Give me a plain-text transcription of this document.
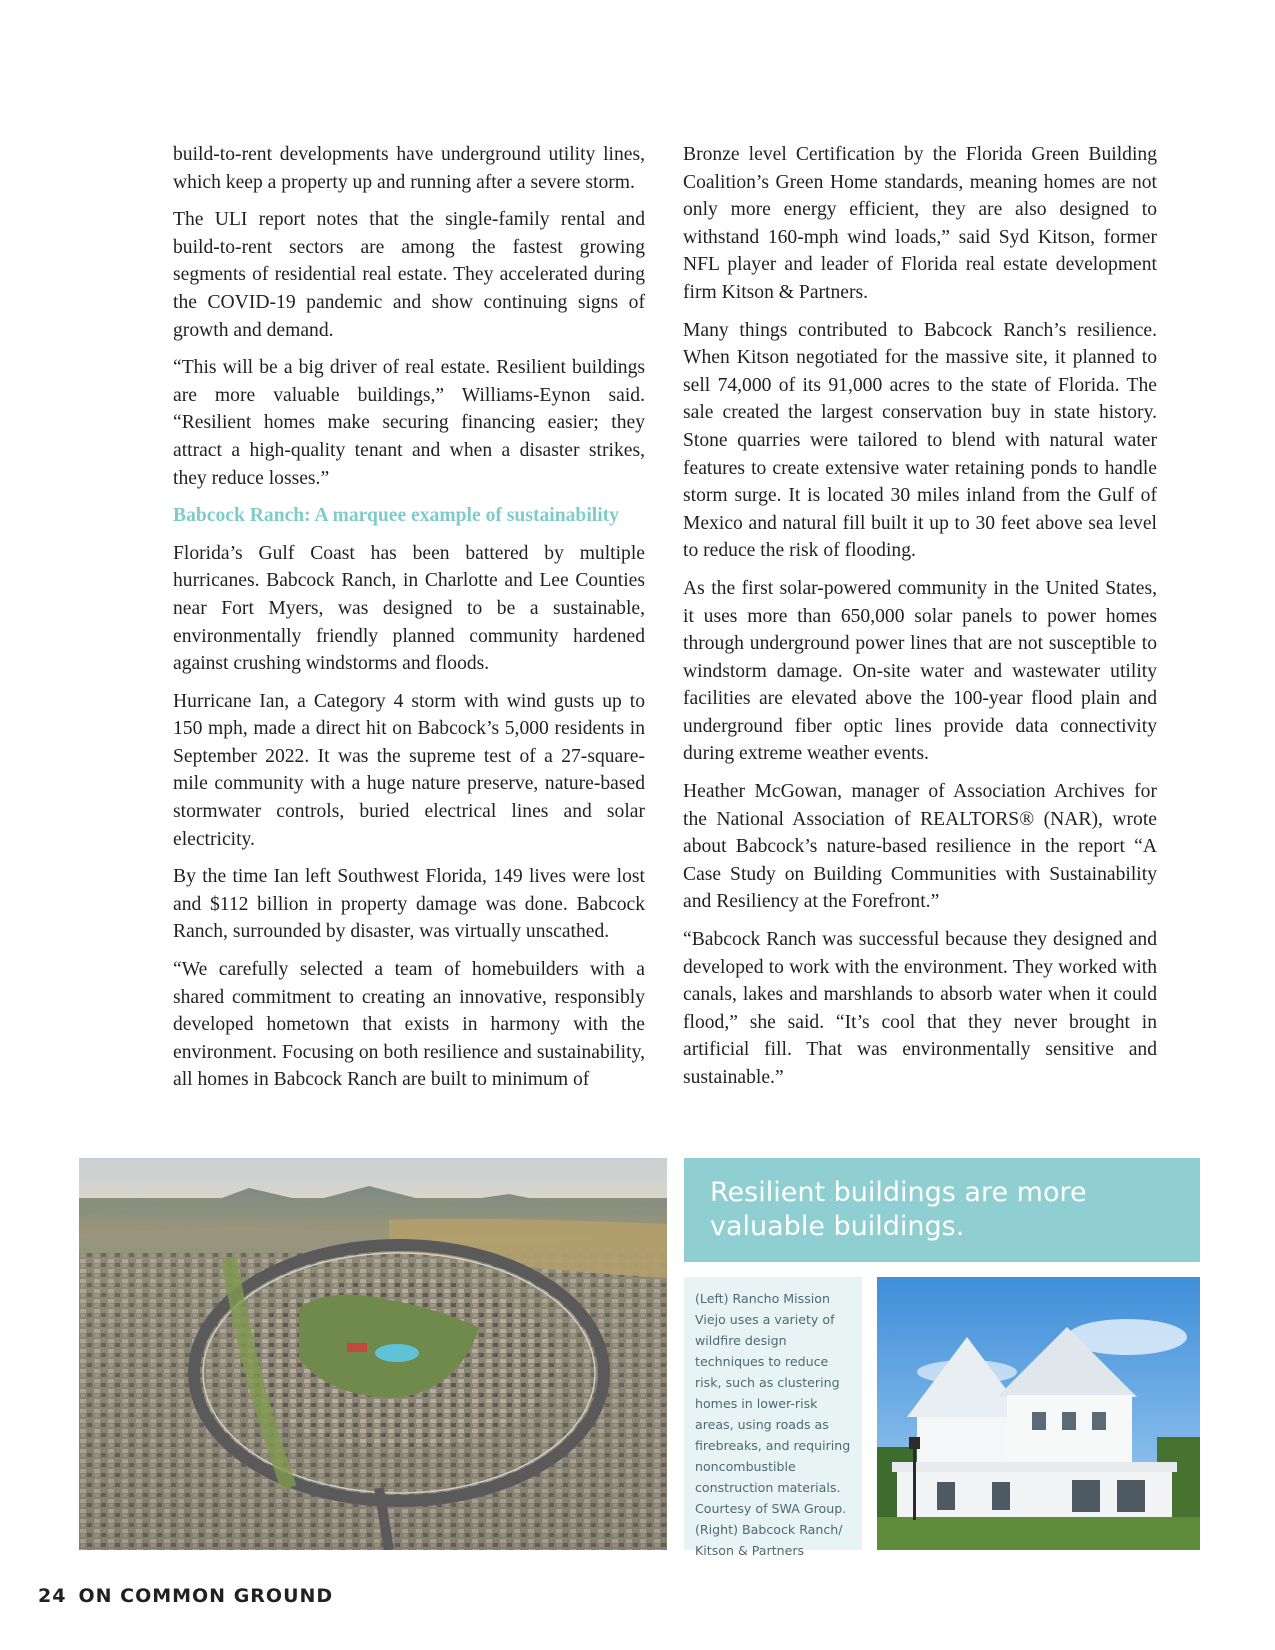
build-to-rent developments have underground utility lines, which keep a property up and running after a severe storm.

The ULI report notes that the single-family rental and build-to-rent sectors are among the fastest growing segments of residential real estate. They accelerated during the COVID-19 pandemic and show continuing signs of growth and demand.

“This will be a big driver of real estate. Resilient buildings are more valuable buildings,” Williams-Eynon said. “Resilient homes make securing financing easier; they attract a high-quality tenant and when a disaster strikes, they reduce losses.”

Babcock Ranch: A marquee example of sustainability

Florida’s Gulf Coast has been battered by multiple hurricanes. Babcock Ranch, in Charlotte and Lee Counties near Fort Myers, was designed to be a sustainable, environmentally friendly planned community hardened against crushing windstorms and floods.

Hurricane Ian, a Category 4 storm with wind gusts up to 150 mph, made a direct hit on Babcock’s 5,000 residents in September 2022. It was the supreme test of a 27-square-mile community with a huge nature preserve, nature-based stormwater controls, buried electrical lines and solar electricity.

By the time Ian left Southwest Florida, 149 lives were lost and $112 billion in property damage was done. Babcock Ranch, surrounded by disaster, was virtually unscathed.

“We carefully selected a team of homebuilders with a shared commitment to creating an innovative, responsibly developed hometown that exists in harmony with the environment. Focusing on both resilience and sustainability, all homes in Babcock Ranch are built to minimum of

Bronze level Certification by the Florida Green Building Coalition’s Green Home standards, meaning homes are not only more energy efficient, they are also designed to withstand 160-mph wind loads,” said Syd Kitson, former NFL player and leader of Florida real estate development firm Kitson & Partners.

Many things contributed to Babcock Ranch’s resilience. When Kitson negotiated for the massive site, it planned to sell 74,000 of its 91,000 acres to the state of Florida. The sale created the largest conservation buy in state history. Stone quarries were tailored to blend with natural water features to create extensive water retaining ponds to handle storm surge. It is located 30 miles inland from the Gulf of Mexico and natural fill built it up to 30 feet above sea level to reduce the risk of flooding.

As the first solar-powered community in the United States, it uses more than 650,000 solar panels to power homes through underground power lines that are not susceptible to windstorm damage. On-site water and wastewater utility facilities are elevated above the 100-year flood plain and underground fiber optic lines provide data connectivity during extreme weather events.

Heather McGowan, manager of Association Archives for the National Association of REALTORS® (NAR), wrote about Babcock’s nature-based resilience in the report “A Case Study on Building Communities with Sustainability and Resiliency at the Forefront.”

“Babcock Ranch was successful because they designed and developed to work with the environment. They worked with canals, lakes and marshlands to absorb water when it could flood,” she said. “It’s cool that they never brought in artificial fill. That was environmentally sensitive and sustainable.”

Resilient buildings are more valuable buildings.
(Left) Rancho Mission Viejo uses a variety of wildfire design techniques to reduce risk, such as clustering homes in lower-risk areas, using roads as firebreaks, and requiring noncombustible construction materials. Courtesy of SWA Group. (Right) Babcock Ranch/ Kitson & Partners
24 ON COMMON GROUND
